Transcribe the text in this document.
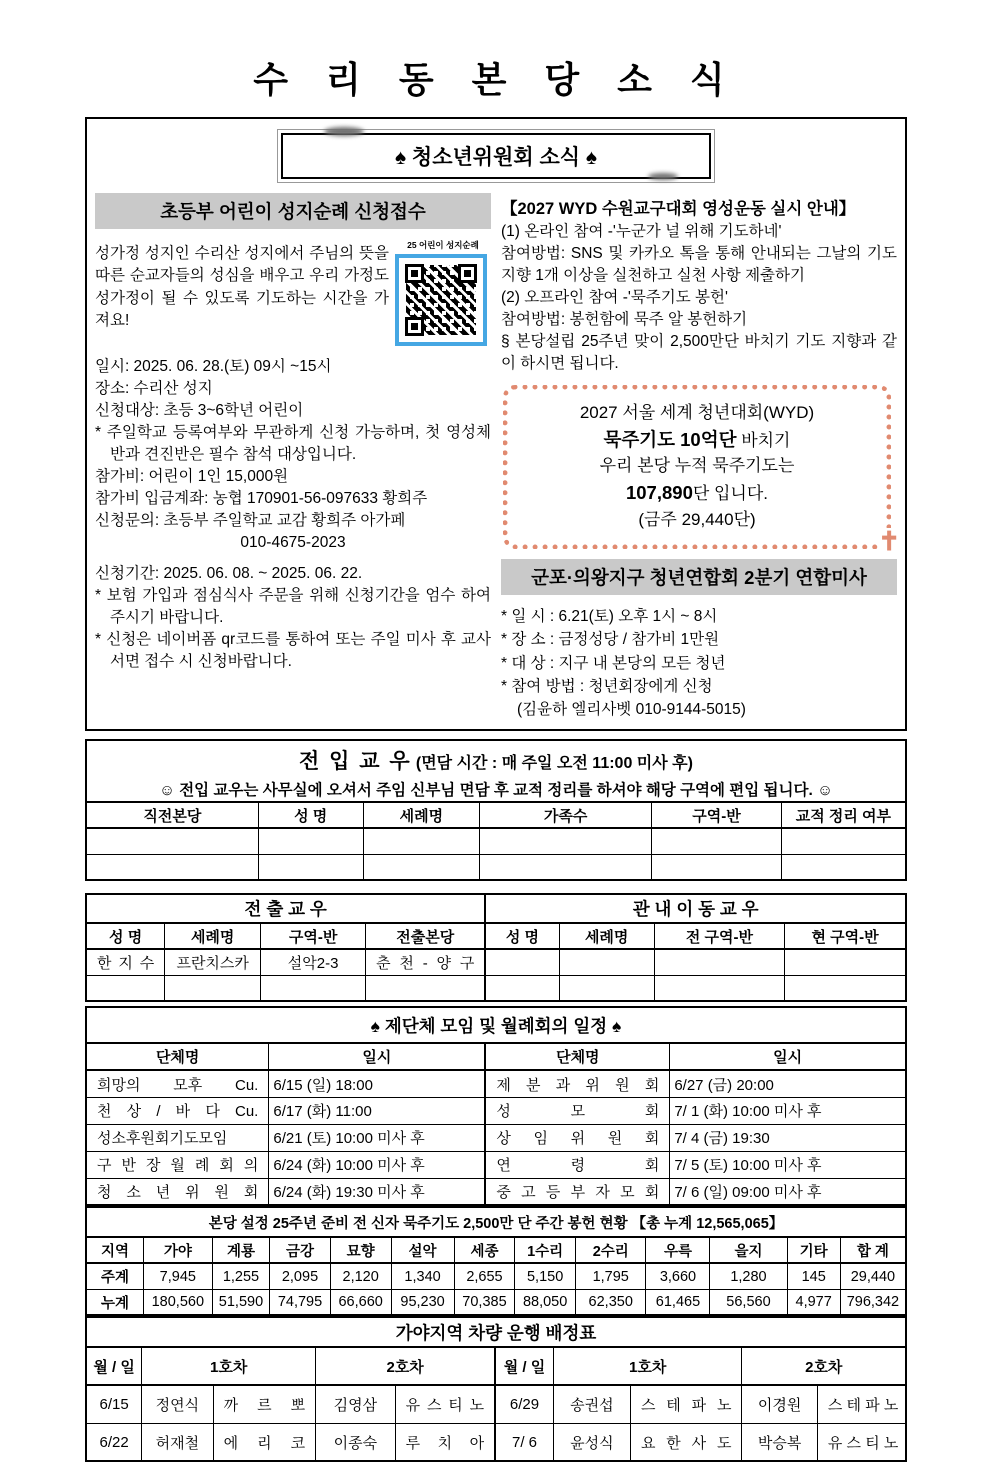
수 리 동 본 당 소 식
♠ 청소년위원회 소식 ♠
초등부 어린이 성지순례 신청접수

성가정 성지인 수리산 성지에서 주님의 뜻을 따른 순교자들의 성심을 배우고 우리 가정도 성가정이 될 수 있도록 기도하는 시간을 가져요!

25 어린이 성지순례
일시: 2025. 06. 28.(토) 09시 ~15시
장소: 수리산 성지
신청대상: 초등 3~6학년 어린이
* 주일학교 등록여부와 무관하게 신청 가능하며, 첫 영성체반과 견진반은 필수 참석 대상입니다.
참가비: 어린이 1인 15,000원
참가비 입금계좌: 농협 170901-56-097633 황희주
신청문의: 초등부 주일학교 교감 황희주 아가페
010-4675-2023
신청기간: 2025. 06. 08. ~ 2025. 06. 22.
* 보험 가입과 점심식사 주문을 위해 신청기간을 엄수 하여 주시기 바랍니다.
* 신청은 네이버폼 qr코드를 통하여 또는 주일 미사 후 교사 서면 접수 시 신청바랍니다.
【2027 WYD 수원교구대회 영성운동 실시 안내】
(1) 온라인 참여 -'누군가 널 위해 기도하네'
참여방법: SNS 및 카카오 톡을 통해 안내되는 그날의 기도지향 1개 이상을 실천하고 실천 사항 제출하기
(2) 오프라인 참여 -'묵주기도 봉헌'
참여방법: 봉헌함에 묵주 알 봉헌하기
§ 본당설립 25주년 맞이 2,500만단 바치기 기도 지향과 같이 하시면 됩니다.
2027 서울 세계 청년대회(WYD)
묵주기도 10억단 바치기
우리 본당 누적 묵주기도는
107,890단 입니다.
(금주 29,440단)
✝
군포·의왕지구 청년연합회 2분기 연합미사
* 일 시 : 6.21(토) 오후 1시 ~ 8시
* 장 소 : 금정성당 / 참가비 1만원
* 대 상 : 지구 내 본당의 모든 청년
* 참여 방법 : 청년회장에게 신청
(김윤하 엘리사벳 010-9144-5015)
전 입 교 우 (면담 시간 : 매 주일 오전 11:00 미사 후)					
☺ 전입 교우는 사무실에 오셔서 주임 신부님 면담 후 교적 정리를 하셔야 해당 구역에 편입 됩니다. ☺					
직전본당	성 명	세례명	가족수	구역-반	교적 정리 여부

전 출 교 우				관 내 이 동 교 우			
성 명	세례명	구역-반	전출본당	성 명	세례명	전 구역-반	현 구역-반
한 지 수	프란치스카	설악2-3	춘 천 - 양 구				

♠ 제단체 모임 및 월례회의 일정 ♠			
단체명	일시	단체명	일시
희망의 모후 Cu.	6/15 (일) 18:00	제 분 과 위 원 회	6/27 (금) 20:00
천 상 / 바 다 Cu.	6/17 (화) 11:00	성 모 회	7/ 1 (화) 10:00 미사 후
성소후원회기도모임	6/21 (토) 10:00 미사 후	상 임 위 원 회	7/ 4 (금) 19:30
구 반 장 월 례 회 의	6/24 (화) 10:00 미사 후	연 령 회	7/ 5 (토) 10:00 미사 후
청 소 년 위 원 회	6/24 (화) 19:30 미사 후	중 고 등 부 자 모 회	7/ 6 (일) 09:00 미사 후
본당 설정 25주년 준비 전 신자 묵주기도 2,500만 단 주간 봉헌 현황 【총 누계 12,565,065】												
지역	가야	계룡	금강	묘향	설악	세종	1수리	2수리	우륵	을지	기타	합 계
주계	7,945	1,255	2,095	2,120	1,340	2,655	5,150	1,795	3,660	1,280	145	29,440
누계	180,560	51,590	74,795	66,660	95,230	70,385	88,050	62,350	61,465	56,560	4,977	796,342
가야지역 차량 운행 배정표									
월 / 일	1호차		2호차		월 / 일	1호차		2호차	
6/15	정연식	까 르 뽀	김영삼	유 스 티 노	6/29	송권섭	스 테 파 노	이경원	스 테 파 노
6/22	허재철	에 리 코	이종숙	루 치 아	7/ 6	윤성식	요 한 사 도	박승복	유 스 티 노
